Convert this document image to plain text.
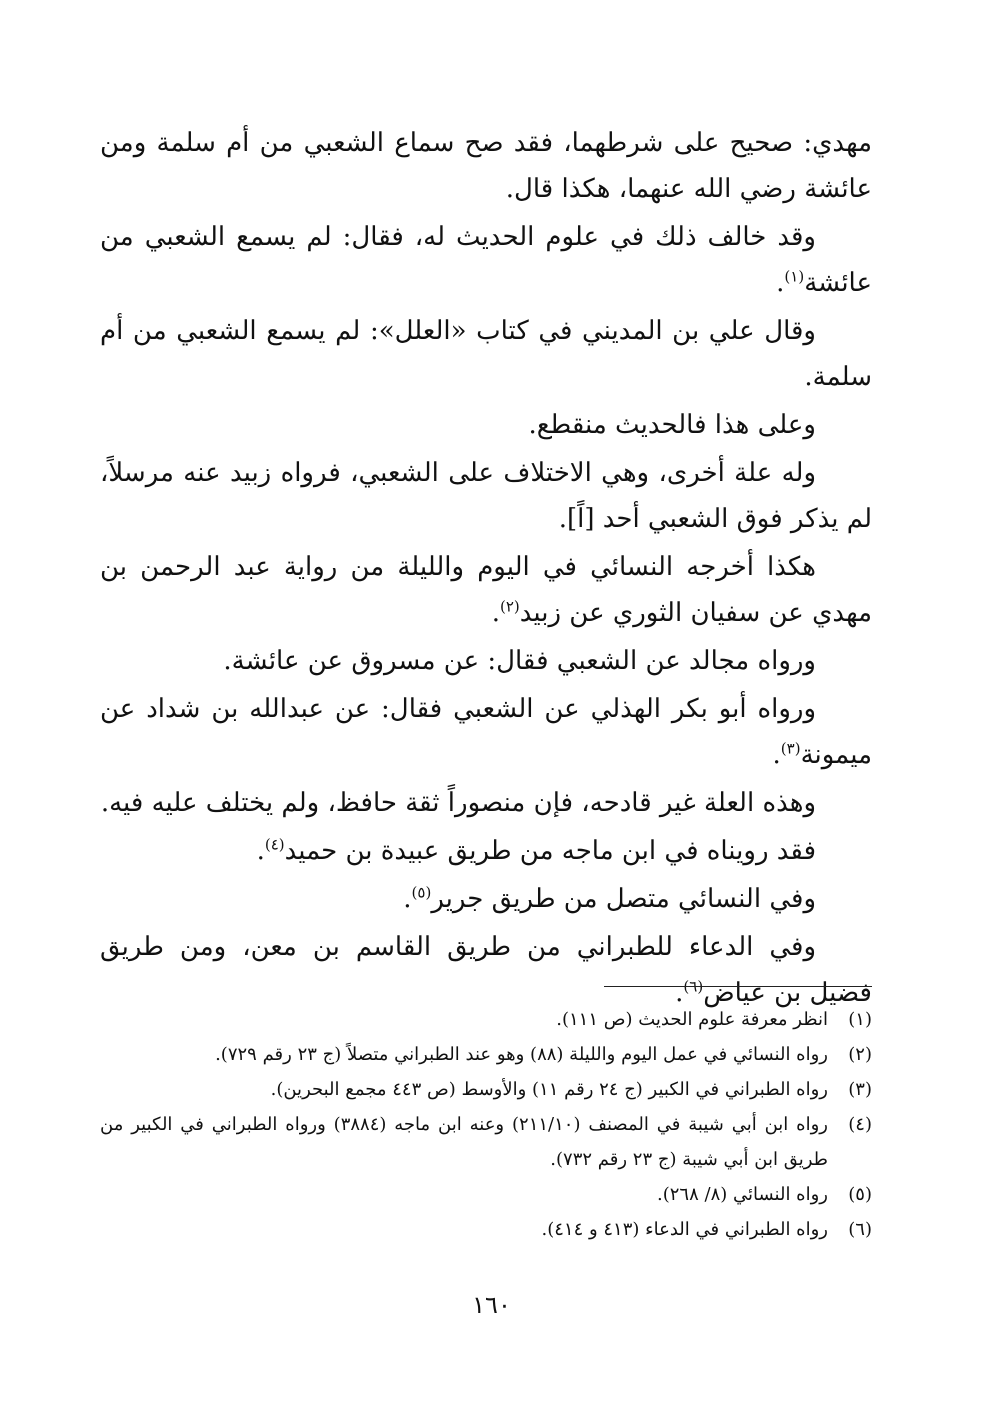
مهدي: صحيح على شرطهما، فقد صح سماع الشعبي من أم سلمة ومن عائشة رضي الله عنهما، هكذا قال.

وقد خالف ذلك في علوم الحديث له، فقال: لم يسمع الشعبي من عائشة$^{(١)}$.

وقال علي بن المديني في كتاب «العلل»: لم يسمع الشعبي من أم سلمة.

وعلى هذا فالحديث منقطع.

وله علة أخرى، وهي الاختلاف على الشعبي، فرواه زبيد عنه مرسلاً، لم يذكر فوق الشعبي أحد [اً].

هكذا أخرجه النسائي في اليوم والليلة من رواية عبد الرحمن بن مهدي عن سفيان الثوري عن زبيد$^{(٢)}$.

ورواه مجالد عن الشعبي فقال: عن مسروق عن عائشة.

ورواه أبو بكر الهذلي عن الشعبي فقال: عن عبدالله بن شداد عن ميمونة$^{(٣)}$.

وهذه العلة غير قادحه، فإن منصوراً ثقة حافظ، ولم يختلف عليه فيه.

فقد رويناه في ابن ماجه من طريق عبيدة بن حميد$^{(٤)}$.

وفي النسائي متصل من طريق جرير$^{(٥)}$.

وفي الدعاء للطبراني من طريق القاسم بن معن، ومن طريق فضيل بن عياض$^{(٦)}$.

(١)
انظر معرفة علوم الحديث (ص ١١١).
(٢)
رواه النسائي في عمل اليوم والليلة (٨٨) وهو عند الطبراني متصلاً (ج ٢٣ رقم ٧٢٩).
(٣)
رواه الطبراني في الكبير (ج ٢٤ رقم ١١) والأوسط (ص ٤٤٣ مجمع البحرين).
(٤)
رواه ابن أبي شيبة في المصنف (٢١١/١٠) وعنه ابن ماجه (٣٨٨٤) ورواه الطبراني في الكبير من طريق ابن أبي شيبة (ج ٢٣ رقم ٧٣٢).
(٥)
رواه النسائي (٨/ ٢٦٨).
(٦)
رواه الطبراني في الدعاء (٤١٣ و ٤١٤).
١٦٠
